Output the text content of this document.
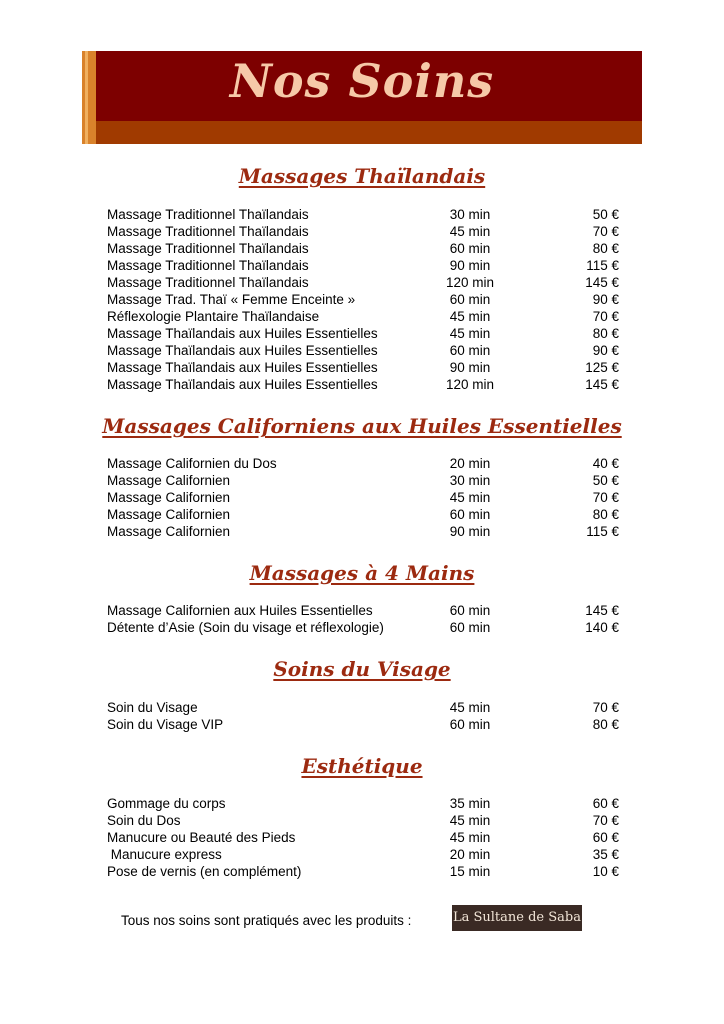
Nos Soins
Massages Thaïlandais
Massage Traditionnel Thaïlandais	30 min	50 €
Massage Traditionnel Thaïlandais	45 min	70 €
Massage Traditionnel Thaïlandais	60 min	80 €
Massage Traditionnel Thaïlandais	90 min	115 €
Massage Traditionnel Thaïlandais	120 min	145 €
Massage Trad. Thaï « Femme Enceinte »	60 min	90 €
Réflexologie Plantaire Thaïlandaise	45 min	70 €
Massage Thaïlandais aux Huiles Essentielles	45 min	80 €
Massage Thaïlandais aux Huiles Essentielles	60 min	90 €
Massage Thaïlandais aux Huiles Essentielles	90 min	125 €
Massage Thaïlandais aux Huiles Essentielles	120 min	145 €
Massages Californiens aux Huiles Essentielles
Massage Californien du Dos	20 min	40 €
Massage Californien	30 min	50 €
Massage Californien	45 min	70 €
Massage Californien	60 min	80 €
Massage Californien	90 min	115 €
Massages à 4 Mains
Massage Californien aux Huiles Essentielles	60 min	145 €
Détente d’Asie (Soin du visage et réflexologie)	60 min	140 €
Soins du Visage
Soin du Visage	45 min	70 €
Soin du Visage VIP	60 min	80 €
Esthétique
Gommage du corps	35 min	60 €
Soin du Dos	45 min	70 €
Manucure ou Beauté des Pieds	45 min	60 €
Manucure express	20 min	35 €
Pose de vernis (en complément)	15 min	10 €
Tous nos soins sont pratiqués avec les produits :	La Sultane de Saba
